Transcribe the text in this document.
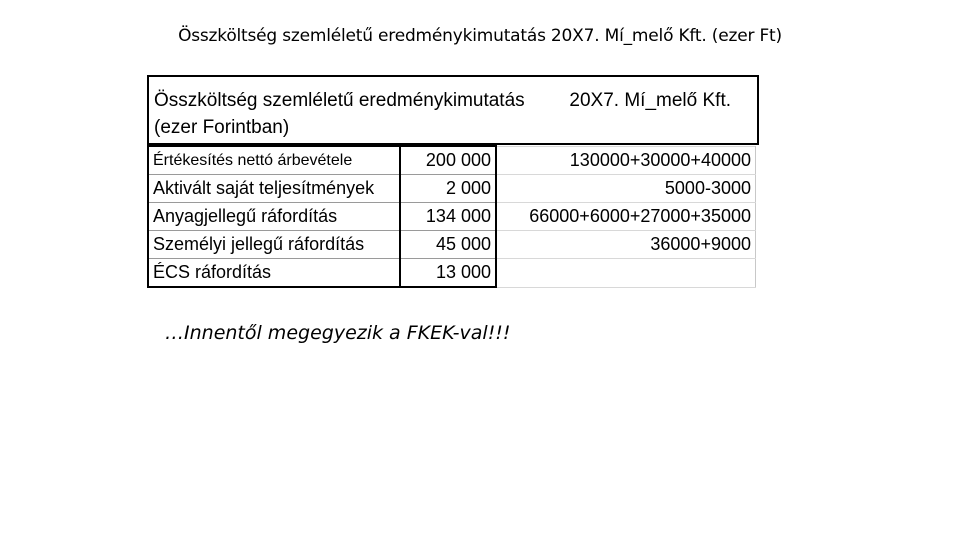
Összköltség szemléletű eredménykimutatás 20X7. Mí_melő Kft. (ezer Ft)
Összköltség szemléletű eredménykimutatás
(ezer Forintban)
20X7. Mí_melő Kft.
Értékesítés nettó árbevétele	200 000	130000+30000+40000
Aktivált saját teljesítmények	2 000	5000-3000
Anyagjellegű ráfordítás	134 000	66000+6000+27000+35000
Személyi jellegű ráfordítás	45 000	36000+9000
ÉCS ráfordítás	13 000	
…Innentől megegyezik a FKEK-val!!!
